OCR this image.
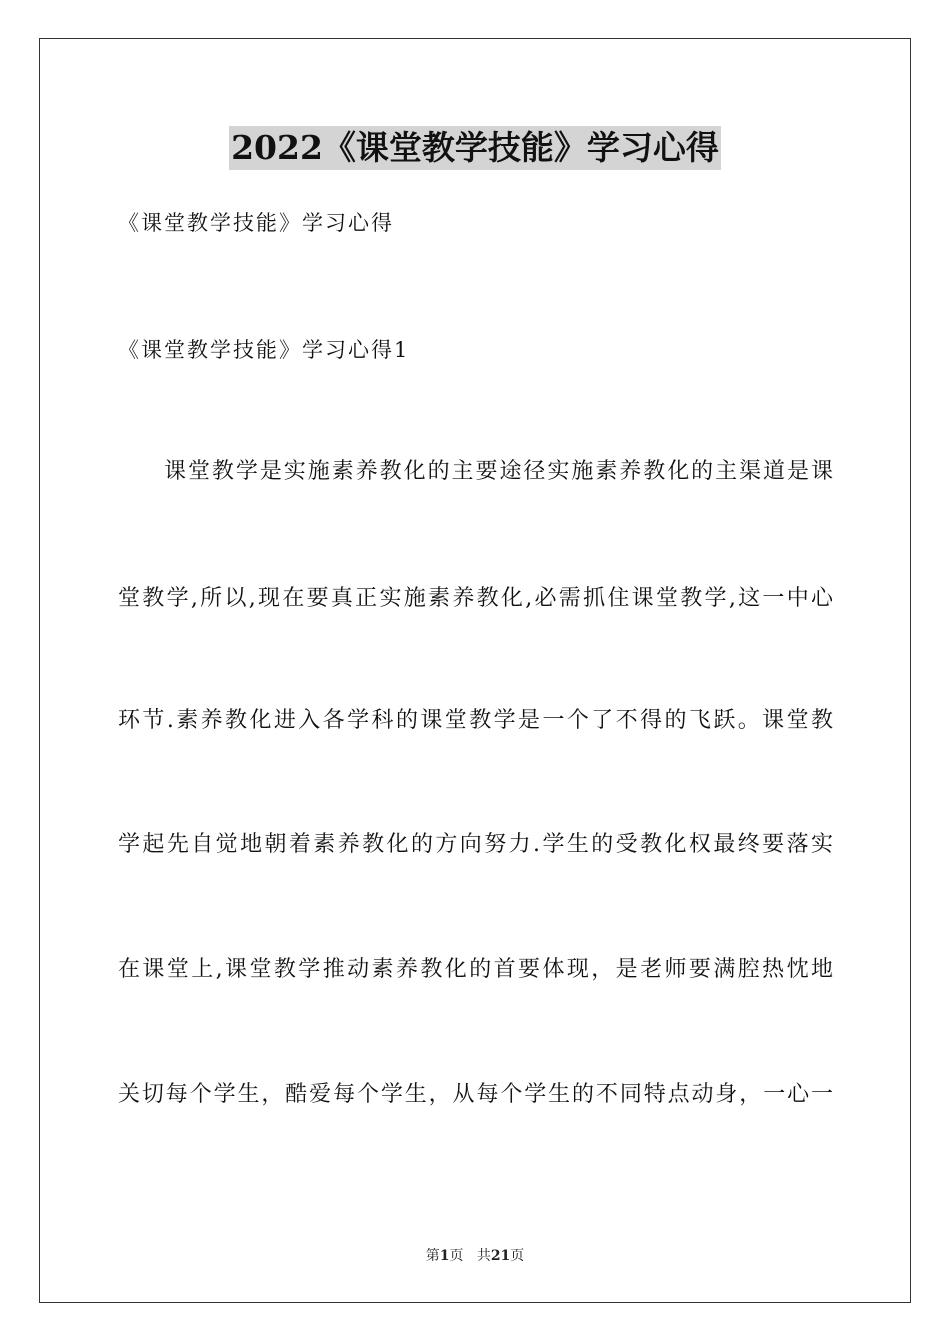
2022《课堂教学技能》学习心得
《课堂教学技能》学习心得
《课堂教学技能》学习心得1
课堂教学是实施素养教化的主要途径实施素养教化的主渠道是课
堂教学,所以,现在要真正实施素养教化,必需抓住课堂教学,这一中心
环节.素养教化进入各学科的课堂教学是一个了不得的飞跃。课堂教
学起先自觉地朝着素养教化的方向努力.学生的受教化权最终要落实
在课堂上,课堂教学推动素养教化的首要体现，是老师要满腔热忱地
关切每个学生，酷爱每个学生，从每个学生的不同特点动身，一心一
第1页 共21页
